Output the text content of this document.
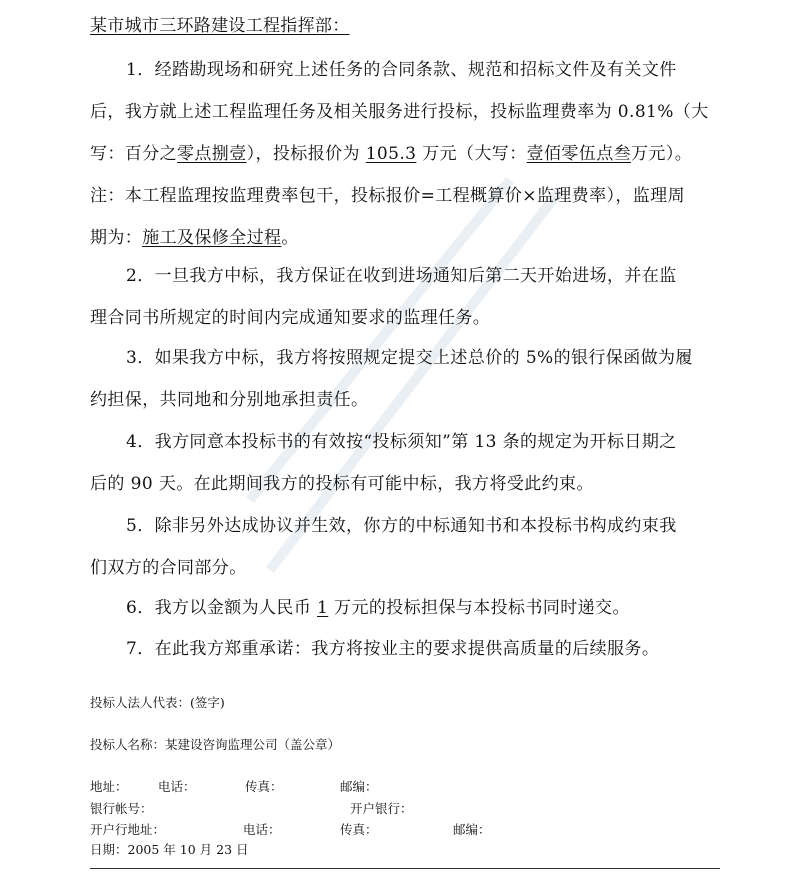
某市城市三环路建设工程指挥部：
1．经踏勘现场和研究上述任务的合同条款、规范和招标文件及有关文件
后，我方就上述工程监理任务及相关服务进行投标，投标监理费率为 0.81%（大
写：百分之零点捌壹），投标报价为 105.3 万元（大写：壹佰零伍点叁万元）。
注：本工程监理按监理费率包干，投标报价=工程概算价×监理费率），监理周
期为：施工及保修全过程。
2．一旦我方中标，我方保证在收到进场通知后第二天开始进场，并在监
理合同书所规定的时间内完成通知要求的监理任务。
3．如果我方中标，我方将按照规定提交上述总价的 5%的银行保函做为履
约担保，共同地和分别地承担责任。
4．我方同意本投标书的有效按“投标须知”第 13 条的规定为开标日期之
后的 90 天。在此期间我方的投标有可能中标，我方将受此约束。
5．除非另外达成协议并生效，你方的中标通知书和本投标书构成约束我
们双方的合同部分。
6．我方以金额为人民币 1 万元的投标担保与本投标书同时递交。
7．在此我方郑重承诺：我方将按业主的要求提供高质量的后续服务。
投标人法人代表：(签字)
投标人名称：某建设咨询监理公司（盖公章）
地址： 电话：	传真：	邮编：
银行帐号：	开户银行：
开户行地址：	电话：	传真：	邮编：
日期：2005 年 10 月 23 日
